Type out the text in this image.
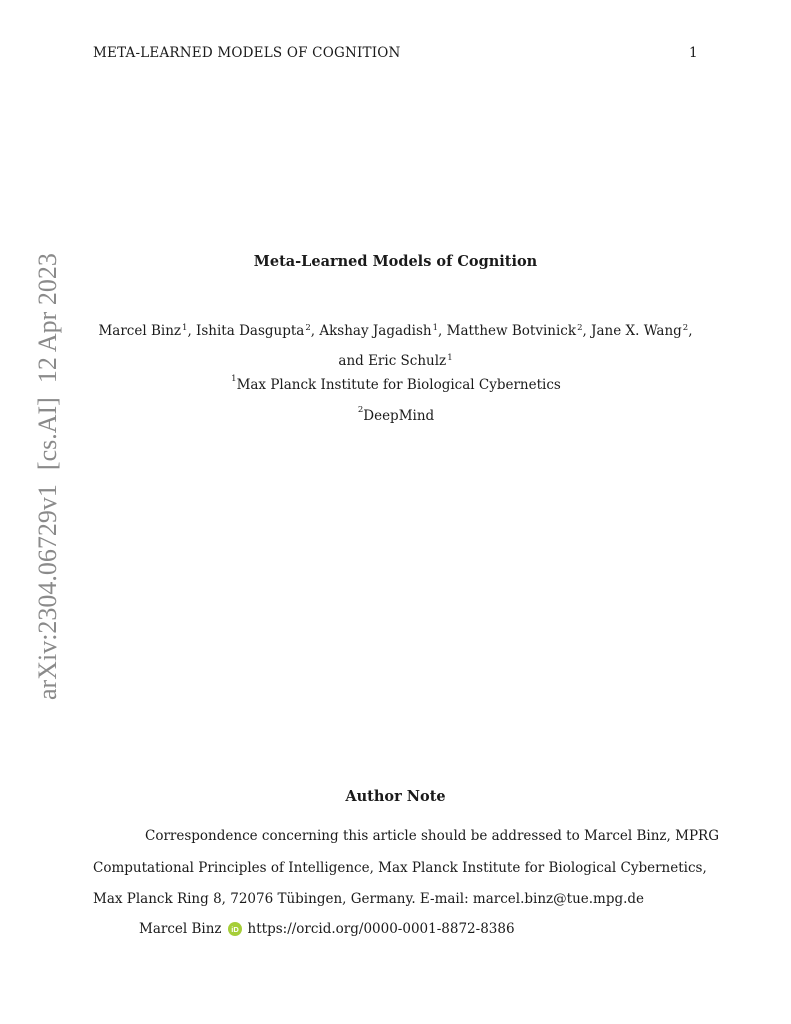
META-LEARNED MODELS OF COGNITION	1
arXiv:2304.06729v1[cs.AI]12 Apr 2023	Meta-Learned Models of Cognition
Marcel Binz$^1$, Ishita Dasgupta$^2$, Akshay Jagadish$^1$, Matthew Botvinick$^2$, Jane X. Wang$^2$,
and Eric Schulz$^1$
$^1$Max Planck Institute for Biological Cybernetics
$^2$DeepMind
Author Note
Correspondence concerning this article should be addressed to Marcel Binz, MPRG
Computational Principles of Intelligence, Max Planck Institute for Biological Cybernetics,
Max Planck Ring 8, 72076 Tübingen, Germany. E-mail: marcel.binz@tue.mpg.de
Marcel Binz iD https://orcid.org/0000-0001-8872-8386
